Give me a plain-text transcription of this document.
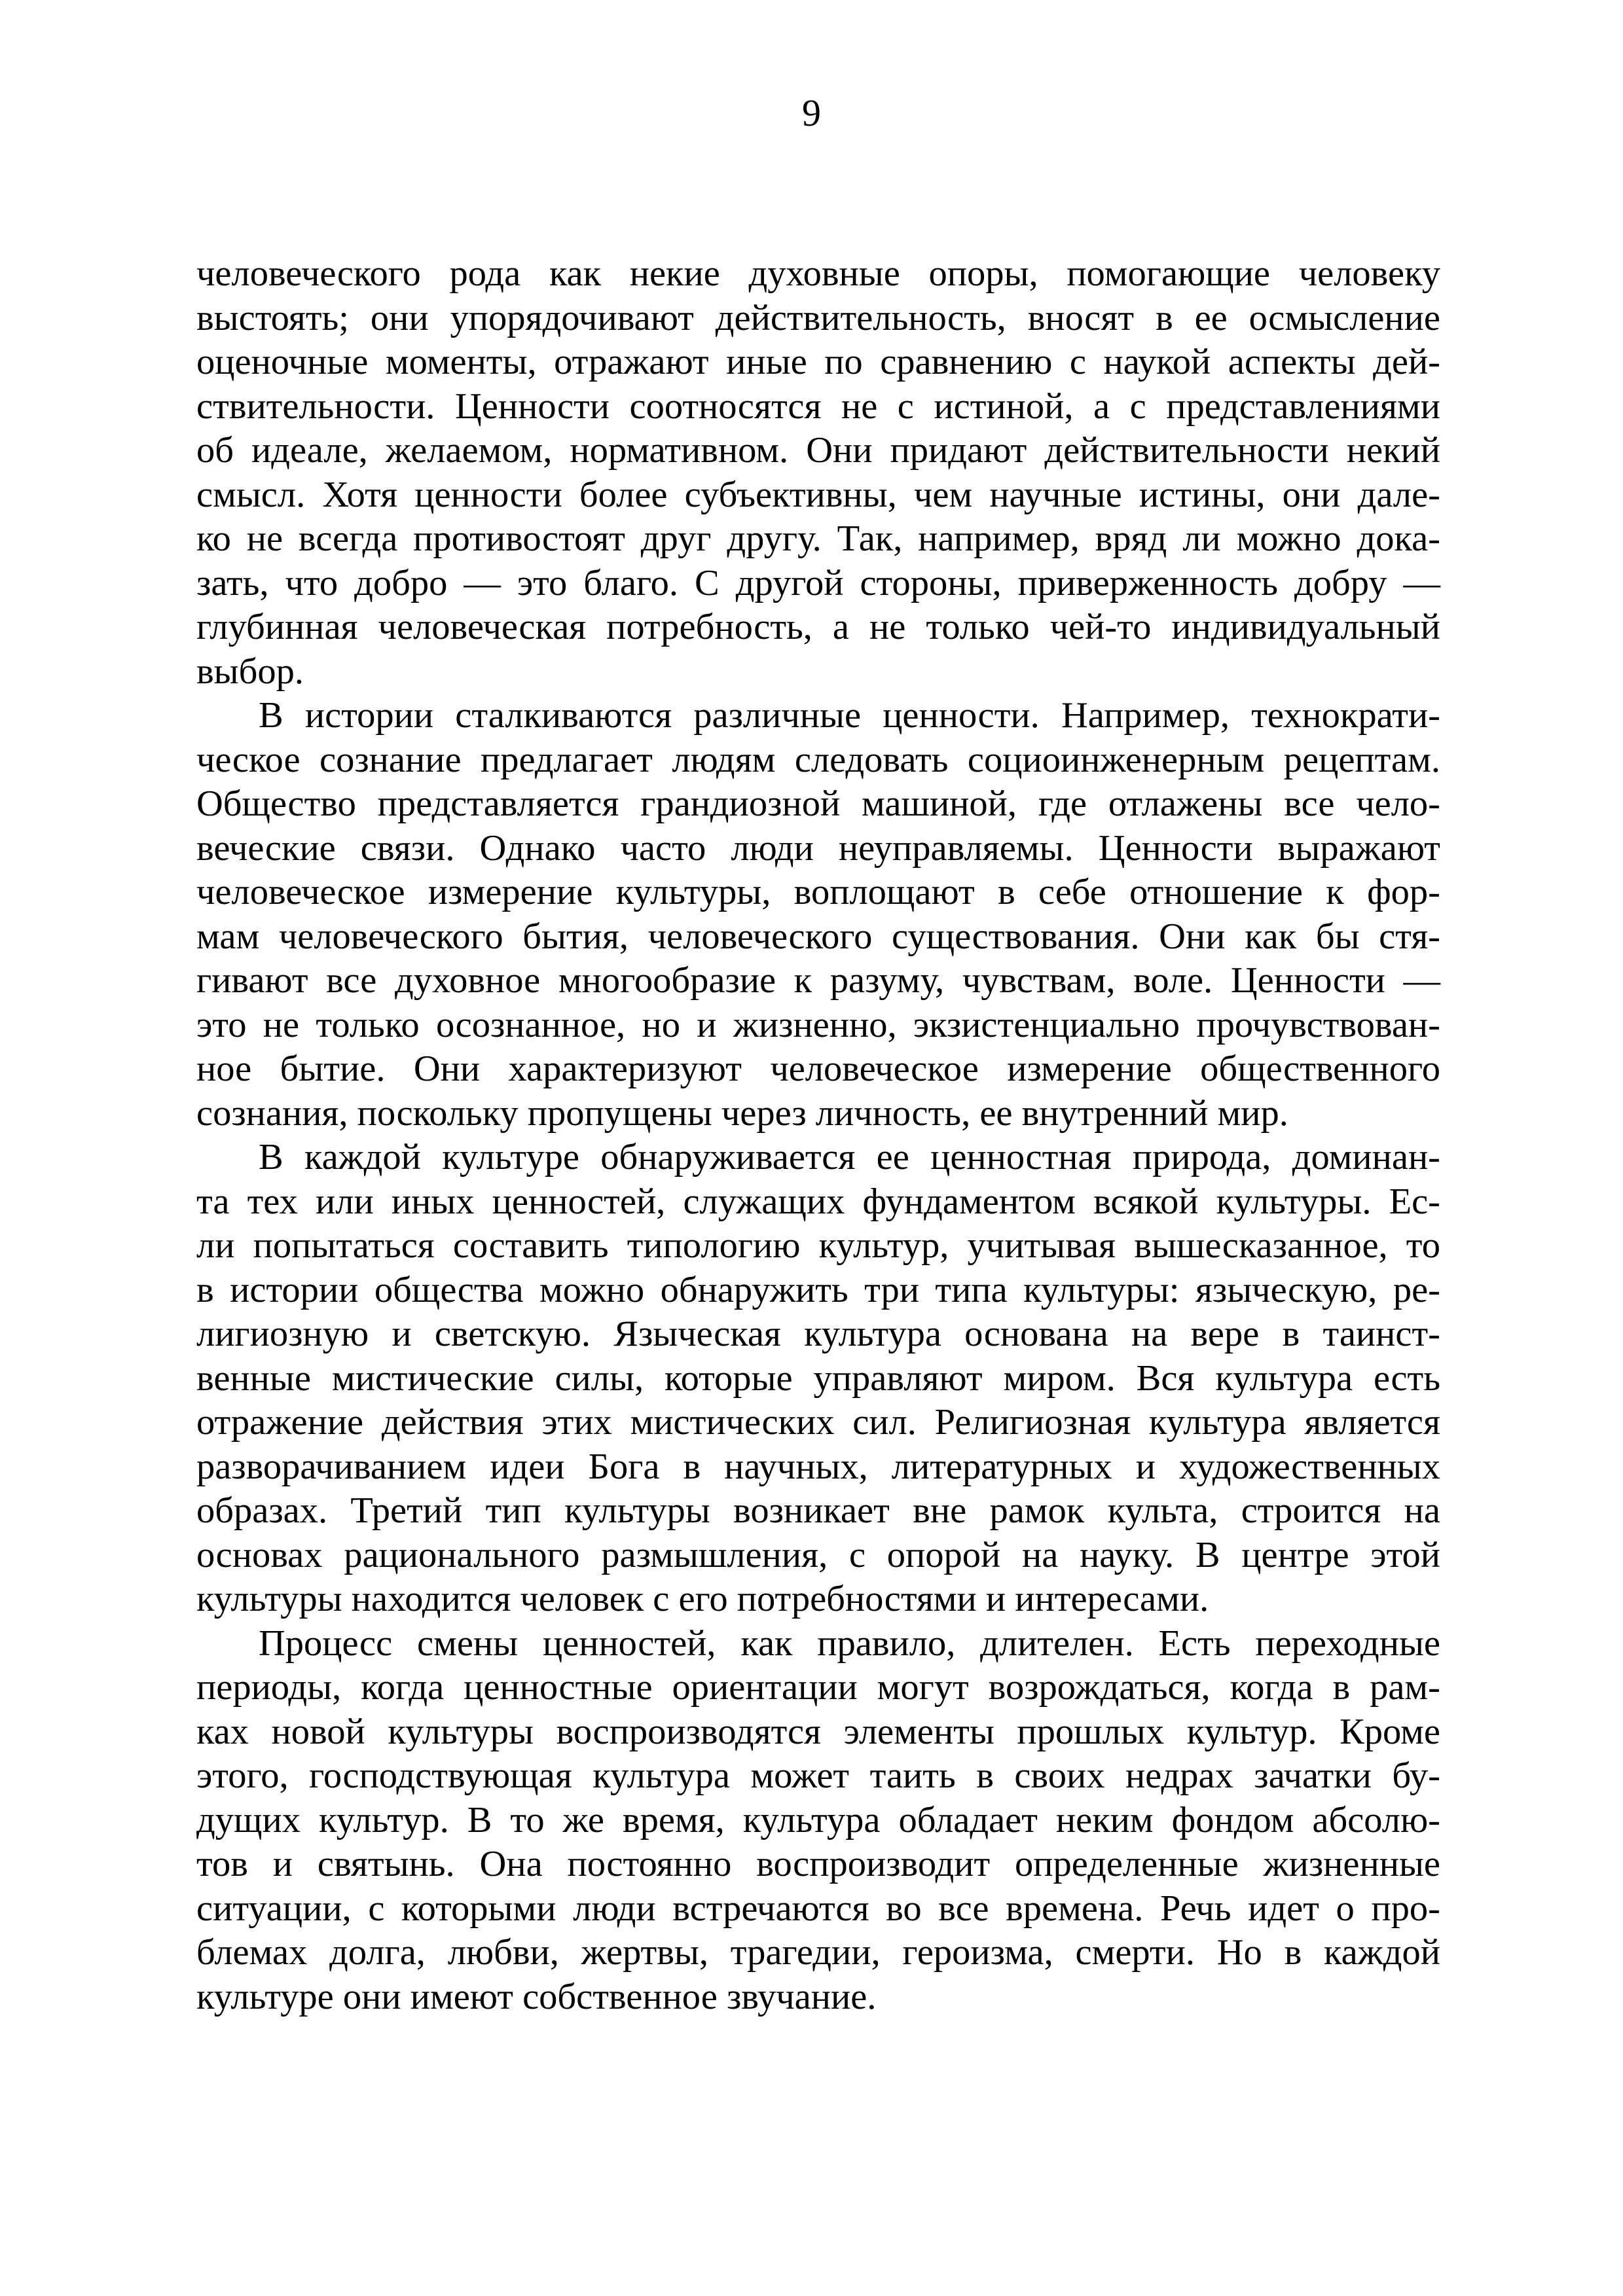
9

человеческого рода как некие духовные опоры, помогающие человеку
выстоять; они упорядочивают действительность, вносят в ее осмысление
оценочные моменты, отражают иные по сравнению с наукой аспекты дей-
ствительности. Ценности соотносятся не с истиной, а с представлениями
об идеале, желаемом, нормативном. Они придают действительности некий
смысл. Хотя ценности более субъективны, чем научные истины, они дале-
ко не всегда противостоят друг другу. Так, например, вряд ли можно дока-
зать, что добро — это благо. С другой стороны, приверженность добру —
глубинная человеческая потребность, а не только чей-то индивидуальный
выбор.

В истории сталкиваются различные ценности. Например, технократи-
ческое сознание предлагает людям следовать социоинженерным рецептам.
Общество представляется грандиозной машиной, где отлажены все чело-
веческие связи. Однако часто люди неуправляемы. Ценности выражают
человеческое измерение культуры, воплощают в себе отношение к фор-
мам человеческого бытия, человеческого существования. Они как бы стя-
гивают все духовное многообразие к разуму, чувствам, воле. Ценности —
это не только осознанное, но и жизненно, экзистенциально прочувствован-
ное бытие. Они характеризуют человеческое измерение общественного
сознания, поскольку пропущены через личность, ее внутренний мир.

В каждой культуре обнаруживается ее ценностная природа, доминан-
та тех или иных ценностей, служащих фундаментом всякой культуры. Ес-
ли попытаться составить типологию культур, учитывая вышесказанное, то
в истории общества можно обнаружить три типа культуры: языческую, ре-
лигиозную и светскую. Языческая культура основана на вере в таинст-
венные мистические силы, которые управляют миром. Вся культура есть
отражение действия этих мистических сил. Религиозная культура является
разворачиванием идеи Бога в научных, литературных и художественных
образах. Третий тип культуры возникает вне рамок культа, строится на
основах рационального размышления, с опорой на науку. В центре этой
культуры находится человек с его потребностями и интересами.

Процесс смены ценностей, как правило, длителен. Есть переходные
периоды, когда ценностные ориентации могут возрождаться, когда в рам-
ках новой культуры воспроизводятся элементы прошлых культур. Кроме
этого, господствующая культура может таить в своих недрах зачатки бу-
дущих культур. В то же время, культура обладает неким фондом абсолю-
тов и святынь. Она постоянно воспроизводит определенные жизненные
ситуации, с которыми люди встречаются во все времена. Речь идет о про-
блемах долга, любви, жертвы, трагедии, героизма, смерти. Но в каждой
культуре они имеют собственное звучание.
